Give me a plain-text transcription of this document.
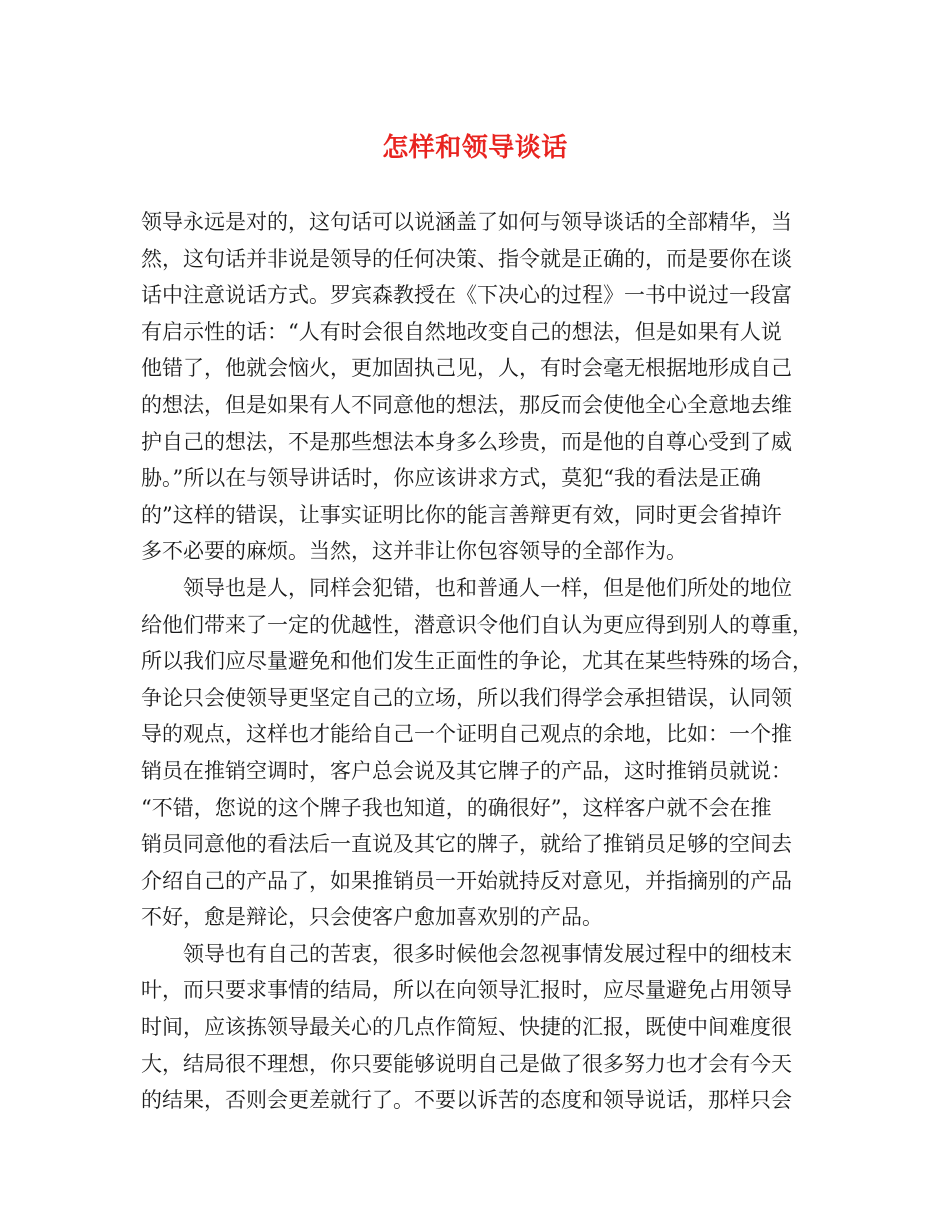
怎样和领导谈话
领导永远是对的，这句话可以说涵盖了如何与领导谈话的全部精华，当
然，这句话并非说是领导的任何决策、指令就是正确的，而是要你在谈
话中注意说话方式。罗宾森教授在《下决心的过程》一书中说过一段富
有启示性的话：“人有时会很自然地改变自己的想法，但是如果有人说
他错了，他就会恼火，更加固执己见，人，有时会毫无根据地形成自己
的想法，但是如果有人不同意他的想法，那反而会使他全心全意地去维
护自己的想法，不是那些想法本身多么珍贵，而是他的自尊心受到了威
胁。”所以在与领导讲话时，你应该讲求方式，莫犯“我的看法是正确
的”这样的错误，让事实证明比你的能言善辩更有效，同时更会省掉许
多不必要的麻烦。当然，这并非让你包容领导的全部作为。
　　领导也是人，同样会犯错，也和普通人一样，但是他们所处的地位
给他们带来了一定的优越性，潜意识令他们自认为更应得到别人的尊重，
所以我们应尽量避免和他们发生正面性的争论，尤其在某些特殊的场合，
争论只会使领导更坚定自己的立场，所以我们得学会承担错误，认同领
导的观点，这样也才能给自己一个证明自己观点的余地，比如：一个推
销员在推销空调时，客户总会说及其它牌子的产品，这时推销员就说：
“不错，您说的这个牌子我也知道，的确很好”，这样客户就不会在推
销员同意他的看法后一直说及其它的牌子，就给了推销员足够的空间去
介绍自己的产品了，如果推销员一开始就持反对意见，并指摘别的产品
不好，愈是辩论，只会使客户愈加喜欢别的产品。
　　领导也有自己的苦衷，很多时候他会忽视事情发展过程中的细枝末
叶，而只要求事情的结局，所以在向领导汇报时，应尽量避免占用领导
时间，应该拣领导最关心的几点作简短、快捷的汇报，既使中间难度很
大，结局很不理想，你只要能够说明自己是做了很多努力也才会有今天
的结果，否则会更差就行了。不要以诉苦的态度和领导说话，那样只会
